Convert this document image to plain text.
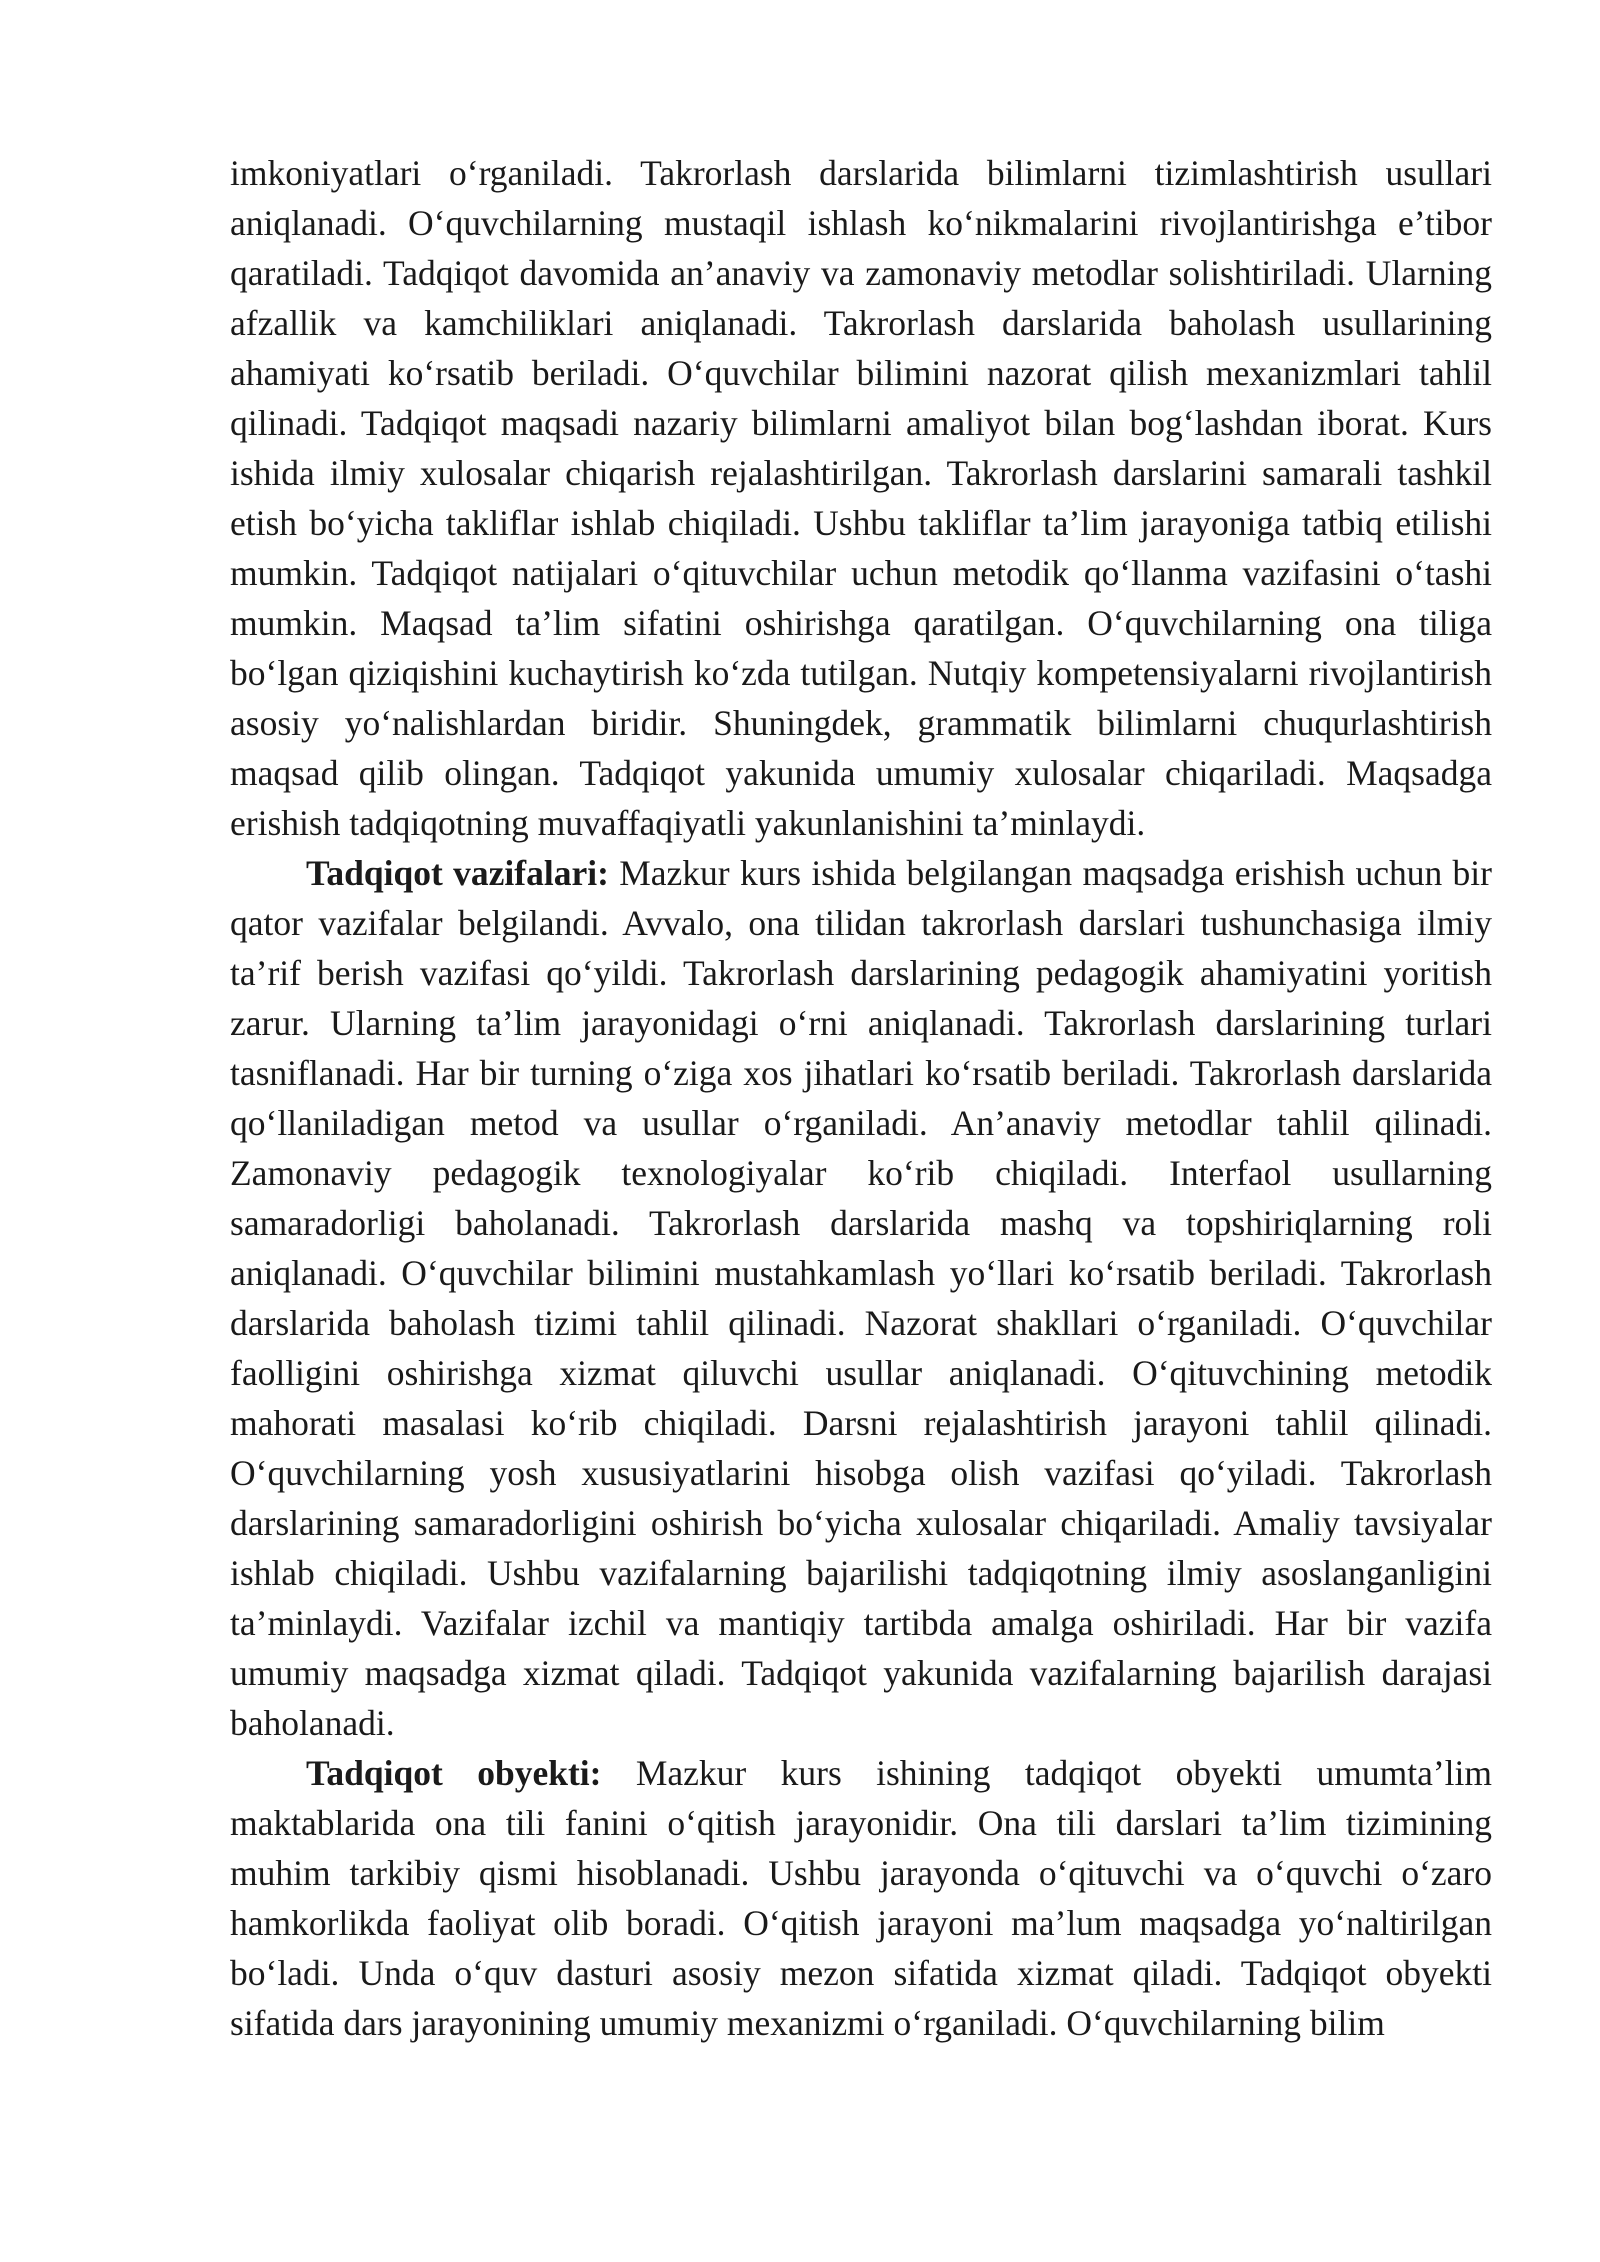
imkoniyatlari o‘rganiladi. Takrorlash darslarida bilimlarni tizimlashtirish usullari aniqlanadi. O‘quvchilarning mustaqil ishlash ko‘nikmalarini rivojlantirishga e’tibor qaratiladi. Tadqiqot davomida an’anaviy va zamonaviy metodlar solishtiriladi. Ularning afzallik va kamchiliklari aniqlanadi. Takrorlash darslarida baholash usullarining ahamiyati ko‘rsatib beriladi. O‘quvchilar bilimini nazorat qilish mexanizmlari tahlil qilinadi. Tadqiqot maqsadi nazariy bilimlarni amaliyot bilan bog‘lashdan iborat. Kurs ishida ilmiy xulosalar chiqarish rejalashtirilgan. Takrorlash darslarini samarali tashkil etish bo‘yicha takliflar ishlab chiqiladi. Ushbu takliflar ta’lim jarayoniga tatbiq etilishi mumkin. Tadqiqot natijalari o‘qituvchilar uchun metodik qo‘llanma vazifasini o‘tashi mumkin. Maqsad ta’lim sifatini oshirishga qaratilgan. O‘quvchilarning ona tiliga bo‘lgan qiziqishini kuchaytirish ko‘zda tutilgan. Nutqiy kompetensiyalarni rivojlantirish asosiy yo‘nalishlardan biridir. Shuningdek, grammatik bilimlarni chuqurlashtirish maqsad qilib olingan. Tadqiqot yakunida umumiy xulosalar chiqariladi. Maqsadga erishish tadqiqotning muvaffaqiyatli yakunlanishini ta’minlaydi.

Tadqiqot vazifalari: Mazkur kurs ishida belgilangan maqsadga erishish uchun bir qator vazifalar belgilandi. Avvalo, ona tilidan takrorlash darslari tushunchasiga ilmiy ta’rif berish vazifasi qo‘yildi. Takrorlash darslarining pedagogik ahamiyatini yoritish zarur. Ularning ta’lim jarayonidagi o‘rni aniqlanadi. Takrorlash darslarining turlari tasniflanadi. Har bir turning o‘ziga xos jihatlari ko‘rsatib beriladi. Takrorlash darslarida qo‘llaniladigan metod va usullar o‘rganiladi. An’anaviy metodlar tahlil qilinadi. Zamonaviy pedagogik texnologiyalar ko‘rib chiqiladi. Interfaol usullarning samaradorligi baholanadi. Takrorlash darslarida mashq va topshiriqlarning roli aniqlanadi. O‘quvchilar bilimini mustahkamlash yo‘llari ko‘rsatib beriladi. Takrorlash darslarida baholash tizimi tahlil qilinadi. Nazorat shakllari o‘rganiladi. O‘quvchilar faolligini oshirishga xizmat qiluvchi usullar aniqlanadi. O‘qituvchining metodik mahorati masalasi ko‘rib chiqiladi. Darsni rejalashtirish jarayoni tahlil qilinadi. O‘quvchilarning yosh xususiyatlarini hisobga olish vazifasi qo‘yiladi. Takrorlash darslarining samaradorligini oshirish bo‘yicha xulosalar chiqariladi. Amaliy tavsiyalar ishlab chiqiladi. Ushbu vazifalarning bajarilishi tadqiqotning ilmiy asoslanganligini ta’minlaydi. Vazifalar izchil va mantiqiy tartibda amalga oshiriladi. Har bir vazifa umumiy maqsadga xizmat qiladi. Tadqiqot yakunida vazifalarning bajarilish darajasi baholanadi.

Tadqiqot obyekti: Mazkur kurs ishining tadqiqot obyekti umumta’lim maktablarida ona tili fanini o‘qitish jarayonidir. Ona tili darslari ta’lim tizimining muhim tarkibiy qismi hisoblanadi. Ushbu jarayonda o‘qituvchi va o‘quvchi o‘zaro hamkorlikda faoliyat olib boradi. O‘qitish jarayoni ma’lum maqsadga yo‘naltirilgan bo‘ladi. Unda o‘quv dasturi asosiy mezon sifatida xizmat qiladi. Tadqiqot obyekti sifatida dars jarayonining umumiy mexanizmi o‘rganiladi. O‘quvchilarning bilim
